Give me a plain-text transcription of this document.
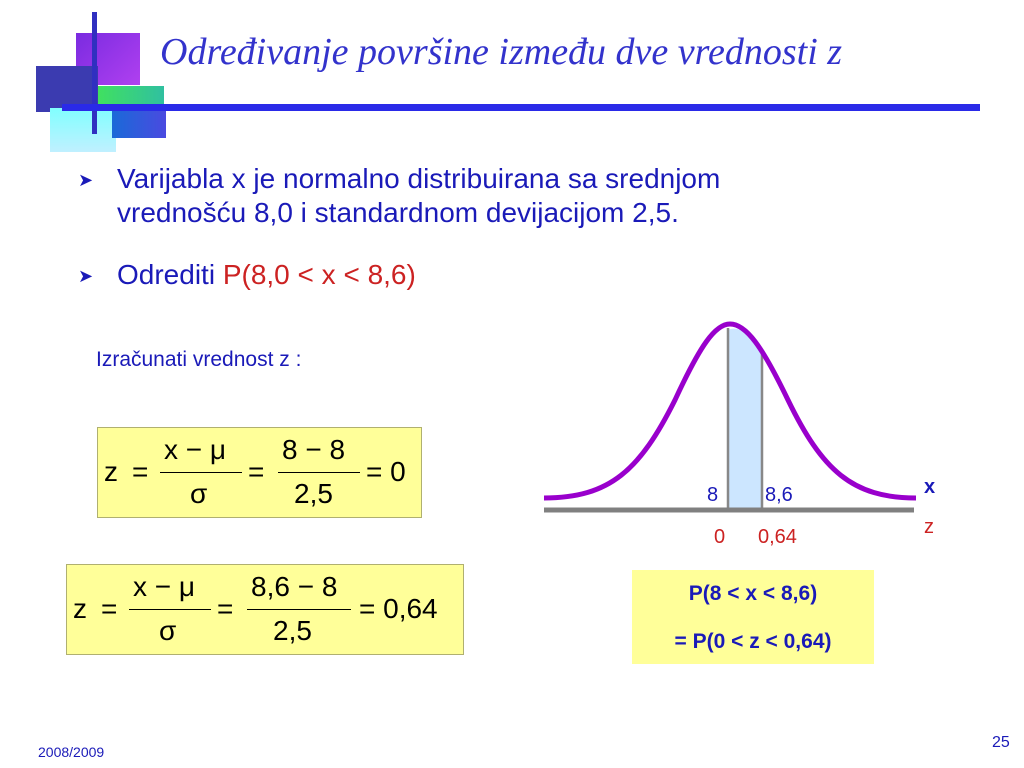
Određivanje površine između dve vrednosti z
➤ Varijabla x je normalno distribuirana sa srednjom
vrednošću 8,0 i standardnom devijacijom 2,5.
➤ Odrediti P(8,0 < x < 8,6)
Izračunati vrednost z :
z =
x − μ
σ
=
8 − 8
2,5
= 0
z =
x − μ
σ
=
8,6 − 8
2,5
= 0,64
8 8,6	x
0 0,64	z
P(8 < x < 8,6)
= P(0 < z < 0,64)
2008/2009
25
